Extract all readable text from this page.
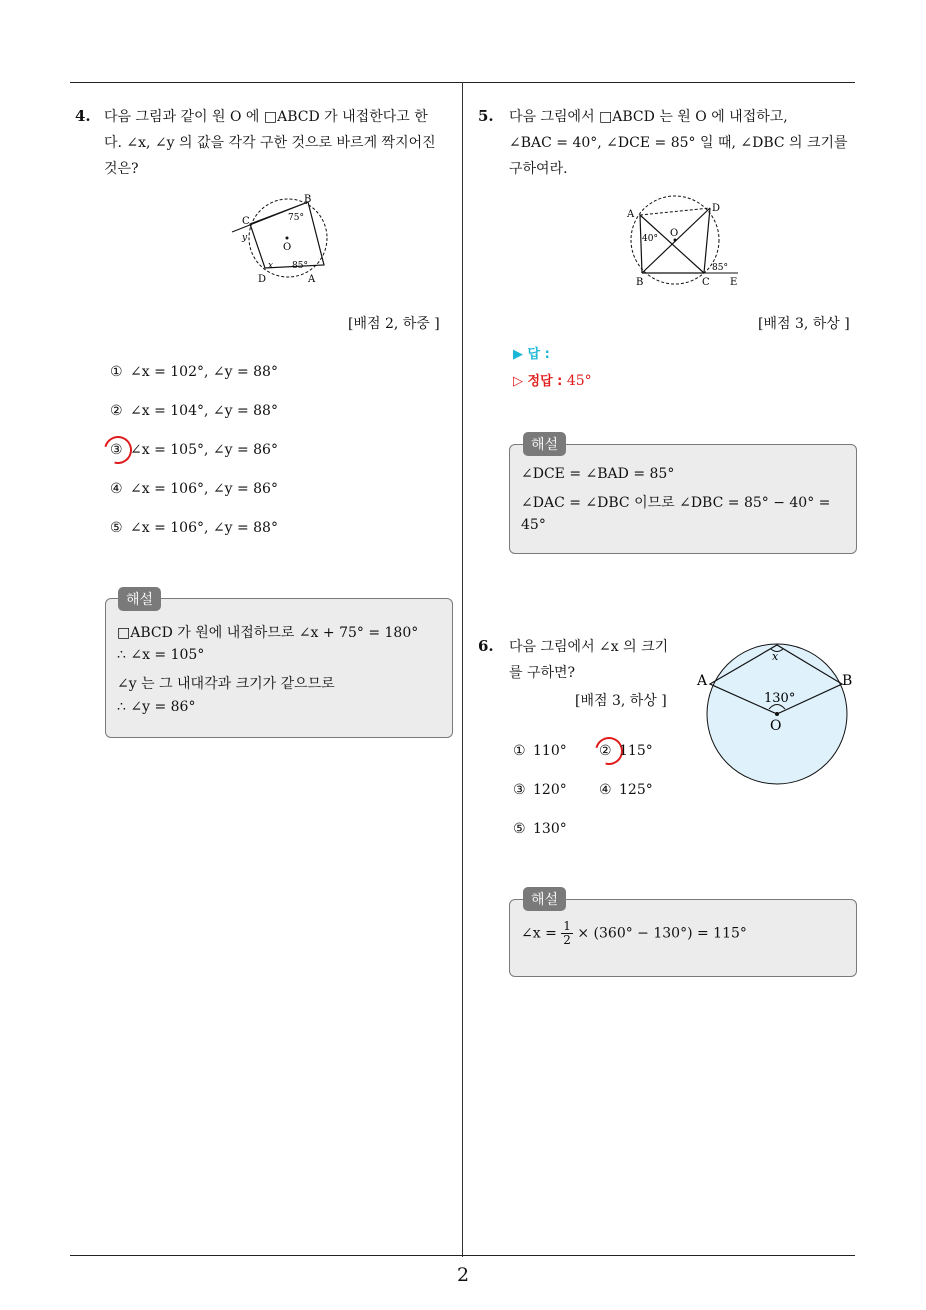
4. 다음 그림과 같이 원 O 에 □ABCD 가 내접한다고 한
다. ∠x, ∠y 의 값을 각각 구한 것으로 바르게 짝지어진
것은?
B
C
y
O
75°
D	A
x 85°
[배점 2, 하중 ]
① ∠x = 102°, ∠y = 88°
② ∠x = 104°, ∠y = 88°
③ ∠x = 105°, ∠y = 86°
④ ∠x = 106°, ∠y = 86°
⑤ ∠x = 106°, ∠y = 88°
해설
□ABCD 가 원에 내접하므로 ∠x + 75° = 180°
∴ ∠x = 105°
∠y 는 그 내대각과 크기가 같으므로
∴ ∠y = 86°
5. 다음 그림에서 □ABCD 는 원 O 에 내접하고,
∠BAC = 40°, ∠DCE = 85° 일 때, ∠DBC 의 크기를
구하여라.
A
D
O
40°
85°
B	C E
[배점 3, 하상 ]
▶ 답 :
▷ 정답 : 45°
해설
∠DCE = ∠BAD = 85°
∠DAC = ∠DBC 이므로 ∠DBC = 85° − 40° =
45°
6. 다음 그림에서 ∠x 의 크기
를 구하면?
[배점 3, 하상 ]
A	B
x
130°
O
① 110° ② 115°
③ 120° ④ 125°
⑤ 130°
해설
∠x = $\frac{1}{2} \times (360^\circ - 130^\circ) = 115^\circ$
2
